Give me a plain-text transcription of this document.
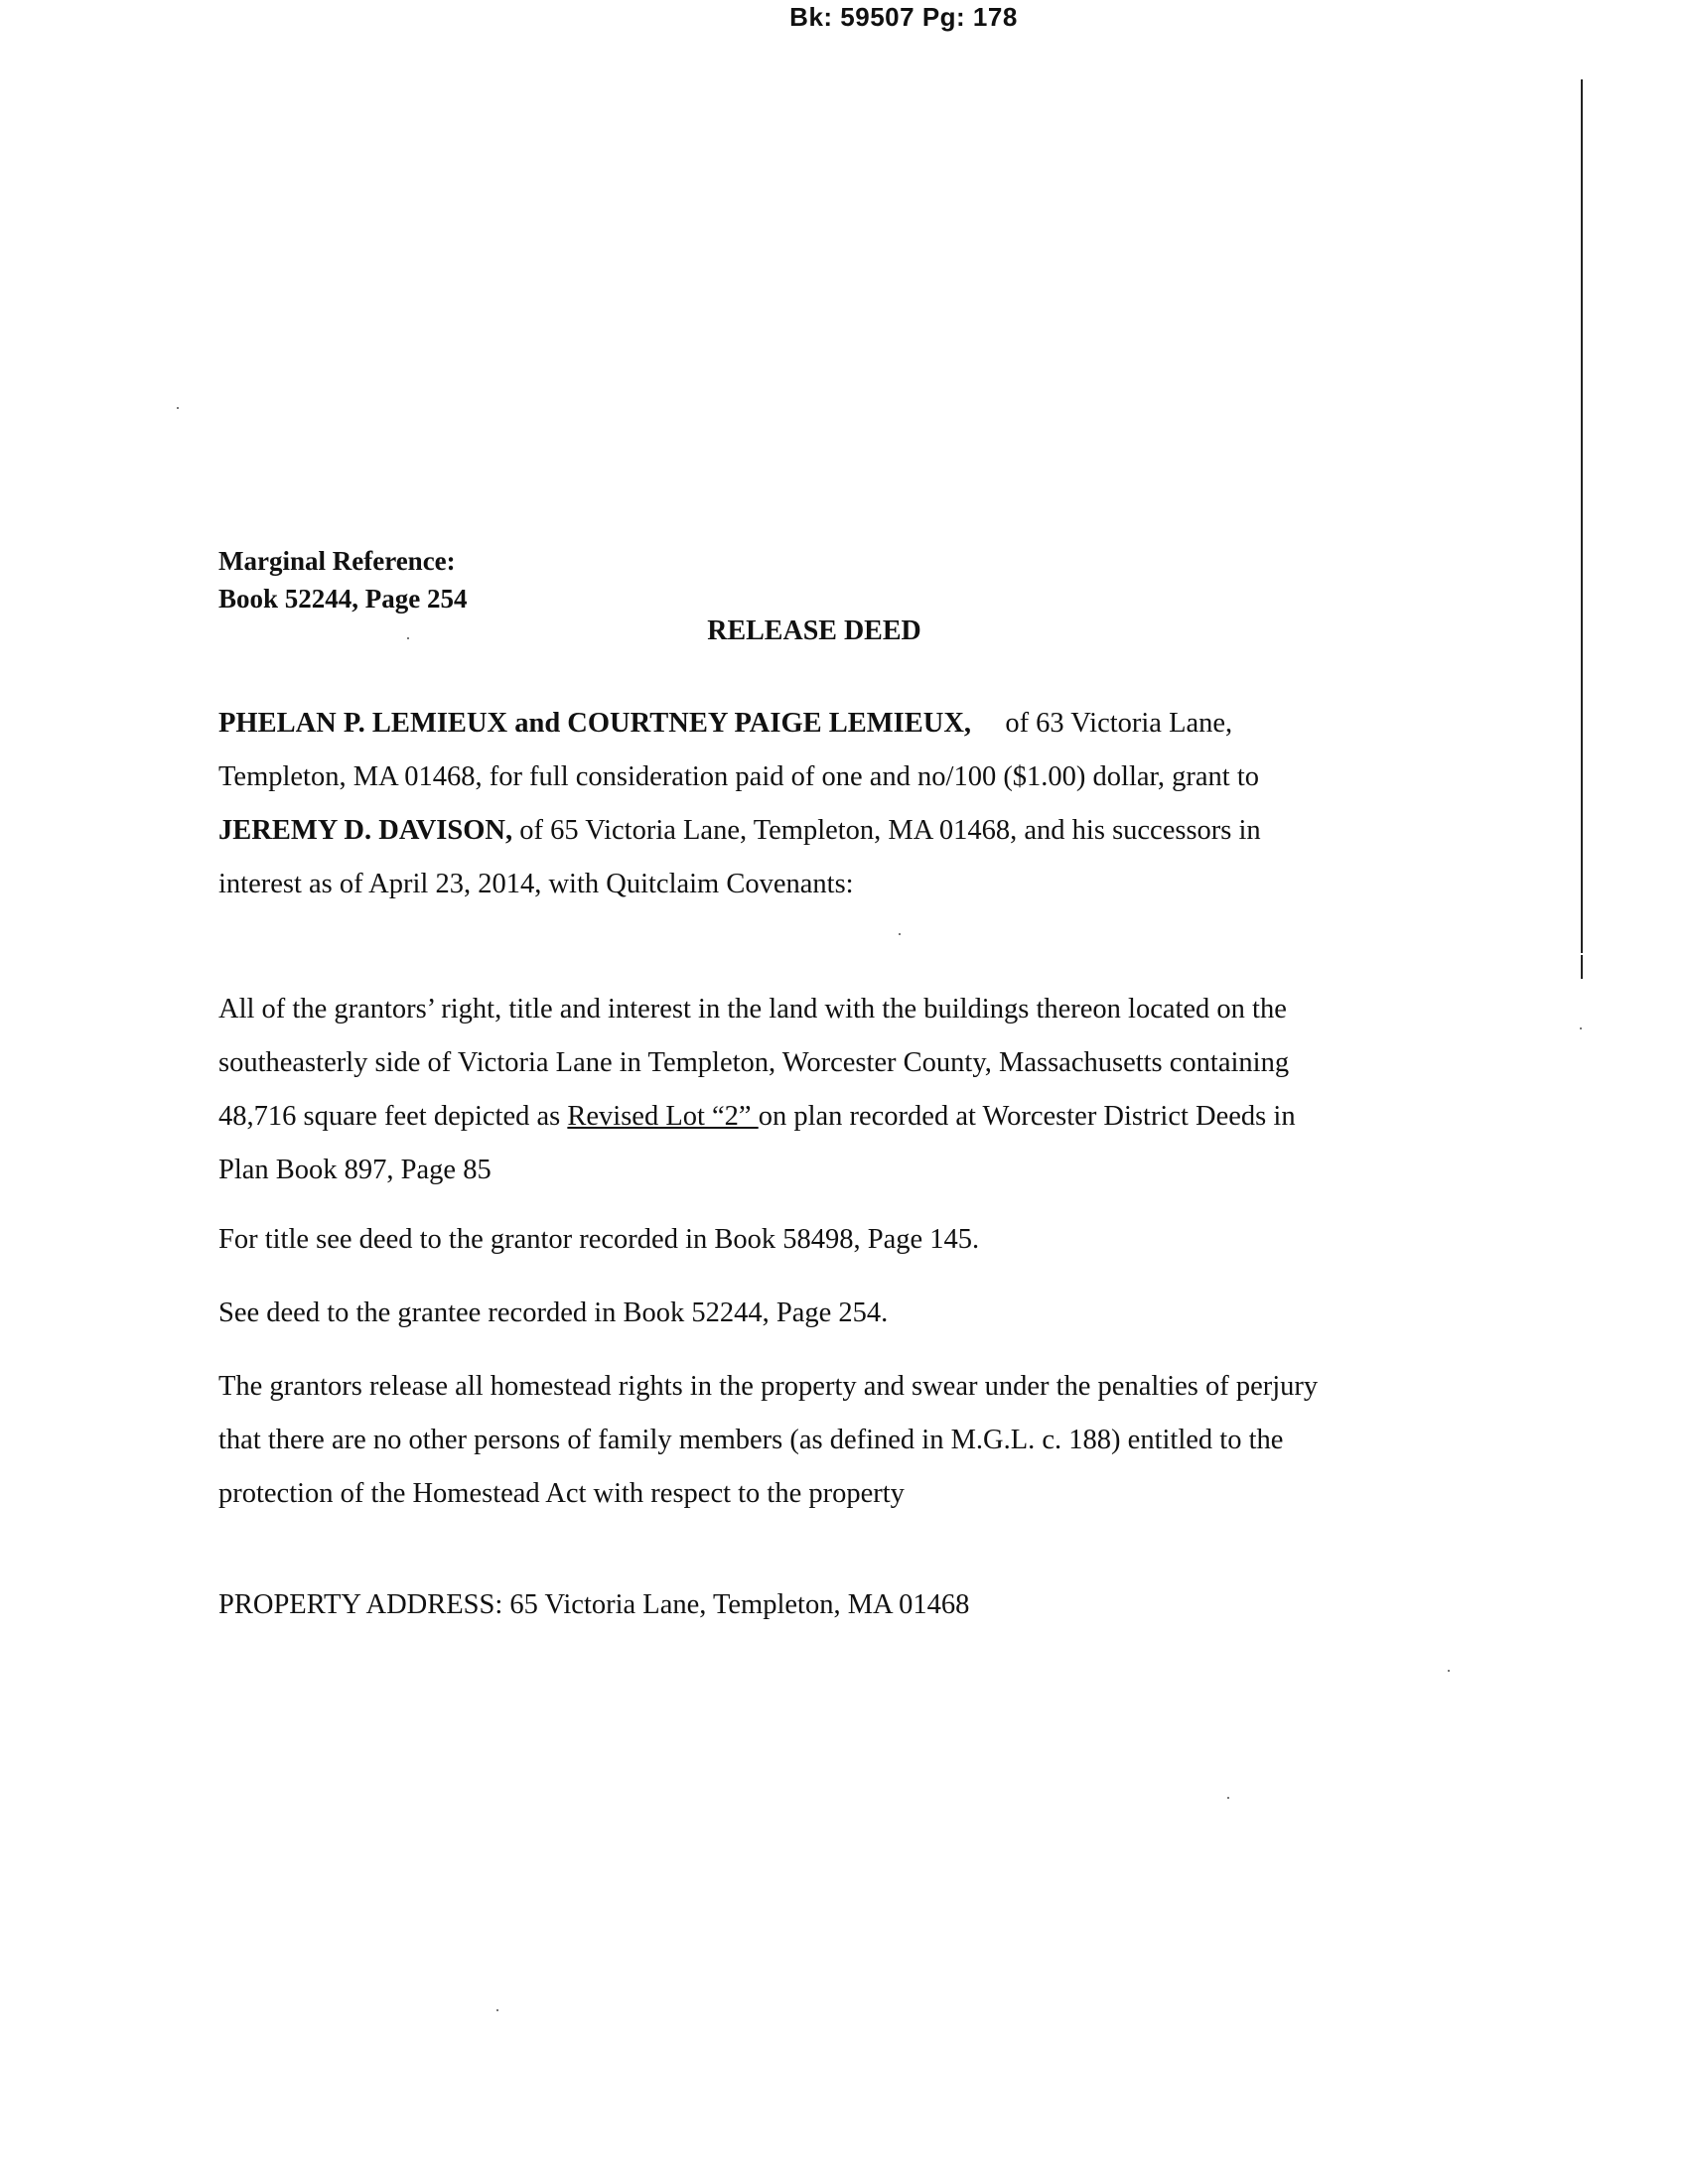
Bk: 59507 Pg: 178
Marginal Reference:
Book 52244, Page 254
RELEASE DEED
PHELAN P. LEMIEUX and COURTNEY PAIGE LEMIEUX, of 63 Victoria Lane,
Templeton, MA 01468, for full consideration paid of one and no/100 ($1.00) dollar, grant to
JEREMY D. DAVISON, of 65 Victoria Lane, Templeton, MA 01468, and his successors in
interest as of April 23, 2014, with Quitclaim Covenants:
All of the grantors’ right, title and interest in the land with the buildings thereon located on the
southeasterly side of Victoria Lane in Templeton, Worcester County, Massachusetts containing
48,716 square feet depicted as Revised Lot “2” on plan recorded at Worcester District Deeds in
Plan Book 897, Page 85
For title see deed to the grantor recorded in Book 58498, Page 145.
See deed to the grantee recorded in Book 52244, Page 254.
The grantors release all homestead rights in the property and swear under the penalties of perjury
that there are no other persons of family members (as defined in M.G.L. c. 188) entitled to the
protection of the Homestead Act with respect to the property
PROPERTY ADDRESS: 65 Victoria Lane, Templeton, MA 01468
